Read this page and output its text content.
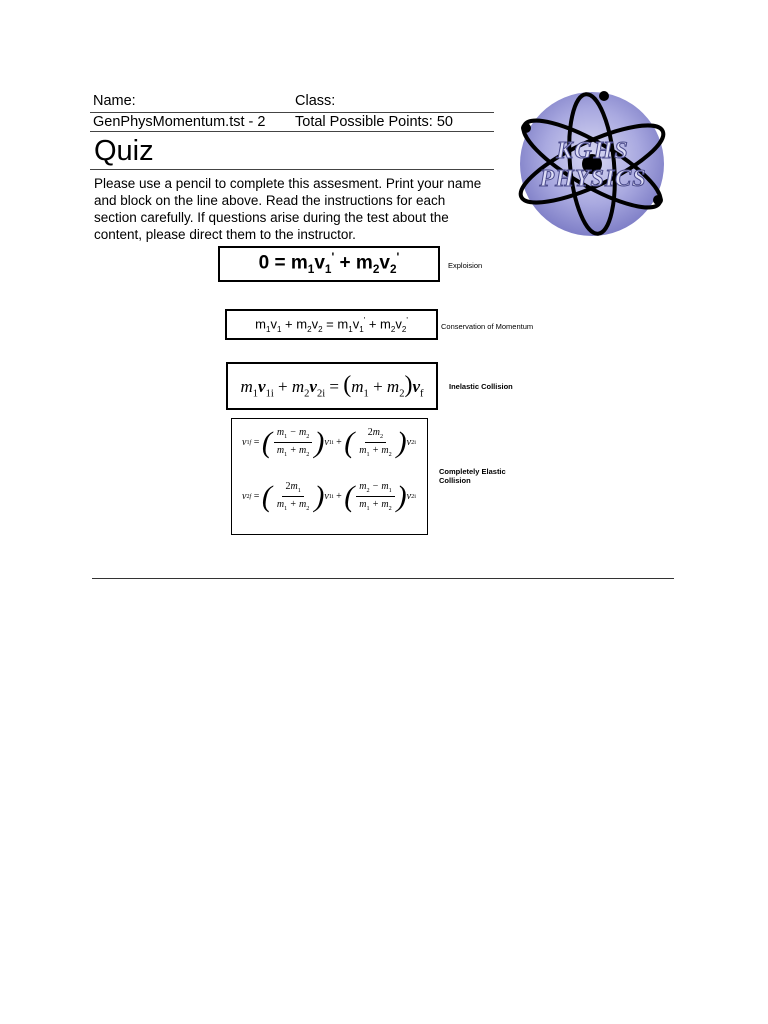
Name:	Class:
GenPhysMomentum.tst - 2 Total Possible Points: 50
Quiz
Please use a pencil to complete this assesment. Print your name and block on the line above. Read the instructions for each section carefully. If questions arise during the test about the content, please direct them to the instructor.
KGHS
PHYSICS
$0 = m_1v_1' + m_2v_2'$
Exploision
$m_1v_1 + m_2v_2 = m_1v_1' + m_2v_2'$
Conservation of Momentum
$m_1v_{1i} + m_2v_{2i} = (m_1 + m_2)v_f$
Inelastic Collision
v 1 f = ( $\frac{m_1 - m_2}{m_1 + m_2}$ ) v 1i + ( $\frac{2m_2}{m_1 + m_2}$ ) v 2i
v 2 f = ( $\frac{2m_1}{m_1 + m_2}$ ) v 1i + ( $\frac{m_2 - m_1}{m_1 + m_2}$ ) v 2i
Completely Elastic Collision
